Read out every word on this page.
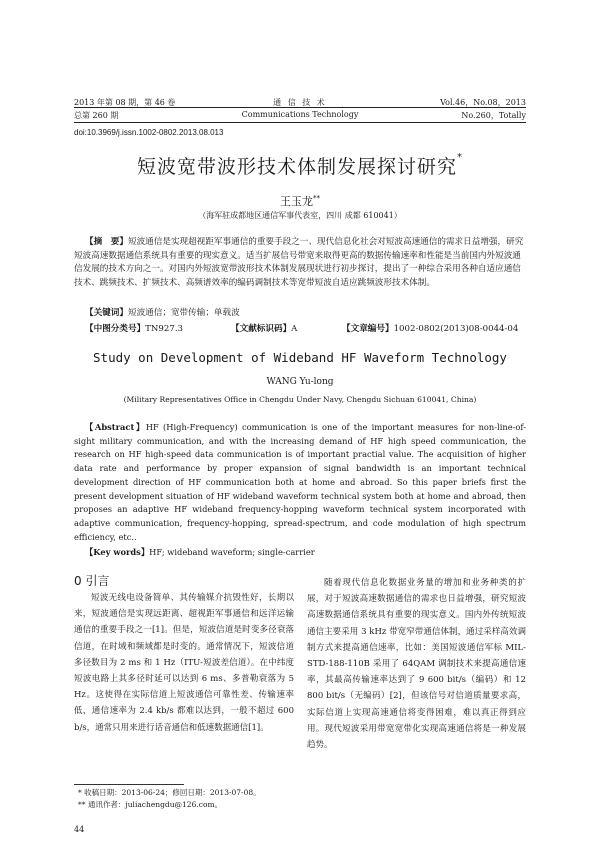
2013 年第 08 期，第 46 卷	通 信 技 术	Vol.46，No.08，2013
总第 260 期	Communications Technology	No.260，Totally
doi:10.3969/j.issn.1002-0802.2013.08.013
短波宽带波形技术体制发展探讨研究*
王玉龙**
（海军驻成都地区通信军事代表室，四川 成都 610041）
【摘　要】短波通信是实现超视距军事通信的重要手段之一、现代信息化社会对短波高速通信的需求日益增强，研究短波高速数据通信系统具有重要的现实意义。适当扩展信号带宽来取得更高的数据传输速率和性能是当前国内外短波通信发展的技术方向之一。对国内外短波宽带波形技术体制发展现状进行初步探讨，提出了一种综合采用各种自适应通信技术、跳频技术、扩频技术、高频谱效率的编码调制技术等宽带短波自适应跳频波形技术体制。
【关键词】短波通信；宽带传输；单载波
【中图分类号】TN927.3	【文献标识码】A	【文章编号】1002-0802(2013)08-0044-04
Study on Development of Wideband HF Waveform Technology
WANG Yu-long
(Military Representatives Office in Chengdu Under Navy, Chengdu Sichuan 610041, China)
【Abstract】HF (High-Frequency) communication is one of the important measures for non-line-of-sight military communication, and with the increasing demand of HF high speed communication, the research on HF high-speed data communication is of important practial value. The acquisition of higher data rate and performance by proper expansion of signal bandwidth is an important technical development direction of HF communication both at home and abroad. So this paper briefs first the present development situation of HF wideband waveform technical system both at home and abroad, then proposes an adaptive HF wideband frequency-hopping waveform technical system incorporated with adaptive communication, frequency-hopping, spread-spectrum, and code modulation of high spectrum efficiency, etc..
【Key words】HF; wideband waveform; single-carrier
0 引言
短波无线电设备简单、其传输媒介抗毁性好，长期以来，短波通信是实现远距离、超视距军事通信和远洋运输通信的重要手段之一[1]。但是，短波信道是时变多径衰落信道，在时域和频域都是时变的。通常情况下，短波信道多径数目为 2 ms 和 1 Hz（ITU-短波差信道）。在中纬度短波电路上其多径时延可以达到 6 ms、多普勒衰落为 5 Hz。这使得在实际信道上短波通信可靠性差、传输速率低，通信速率为 2.4 kb/s 都难以达到，一般不超过 600 b/s，通常只用来进行话音通信和低速数据通信[1]。
随着现代信息化数据业务量的增加和业务种类的扩展，对于短波高速数据通信的需求也日益增强，研究短波高速数据通信系统具有重要的现实意义。国内外传统短波通信主要采用 3 kHz 带宽窄带通信体制，通过采样高效调制方式来提高通信速率，比如：美国短波通信军标 MIL-STD-188-110B 采用了 64QAM 调制技术来提高通信速率，其最高传输速率达到了 9 600 bit/s（编码）和 12 800 bit/s（无编码）[2]，但该信号对信道质量要求高，实际信道上实现高速通信将变得困难，难以真正得到应用。现代短波采用带宽宽带化实现高速通信将是一种发展趋势。
* 收稿日期：2013-06-24；修回日期：2013-07-08。
** 通讯作者：juliachengdu@126.com。
44
